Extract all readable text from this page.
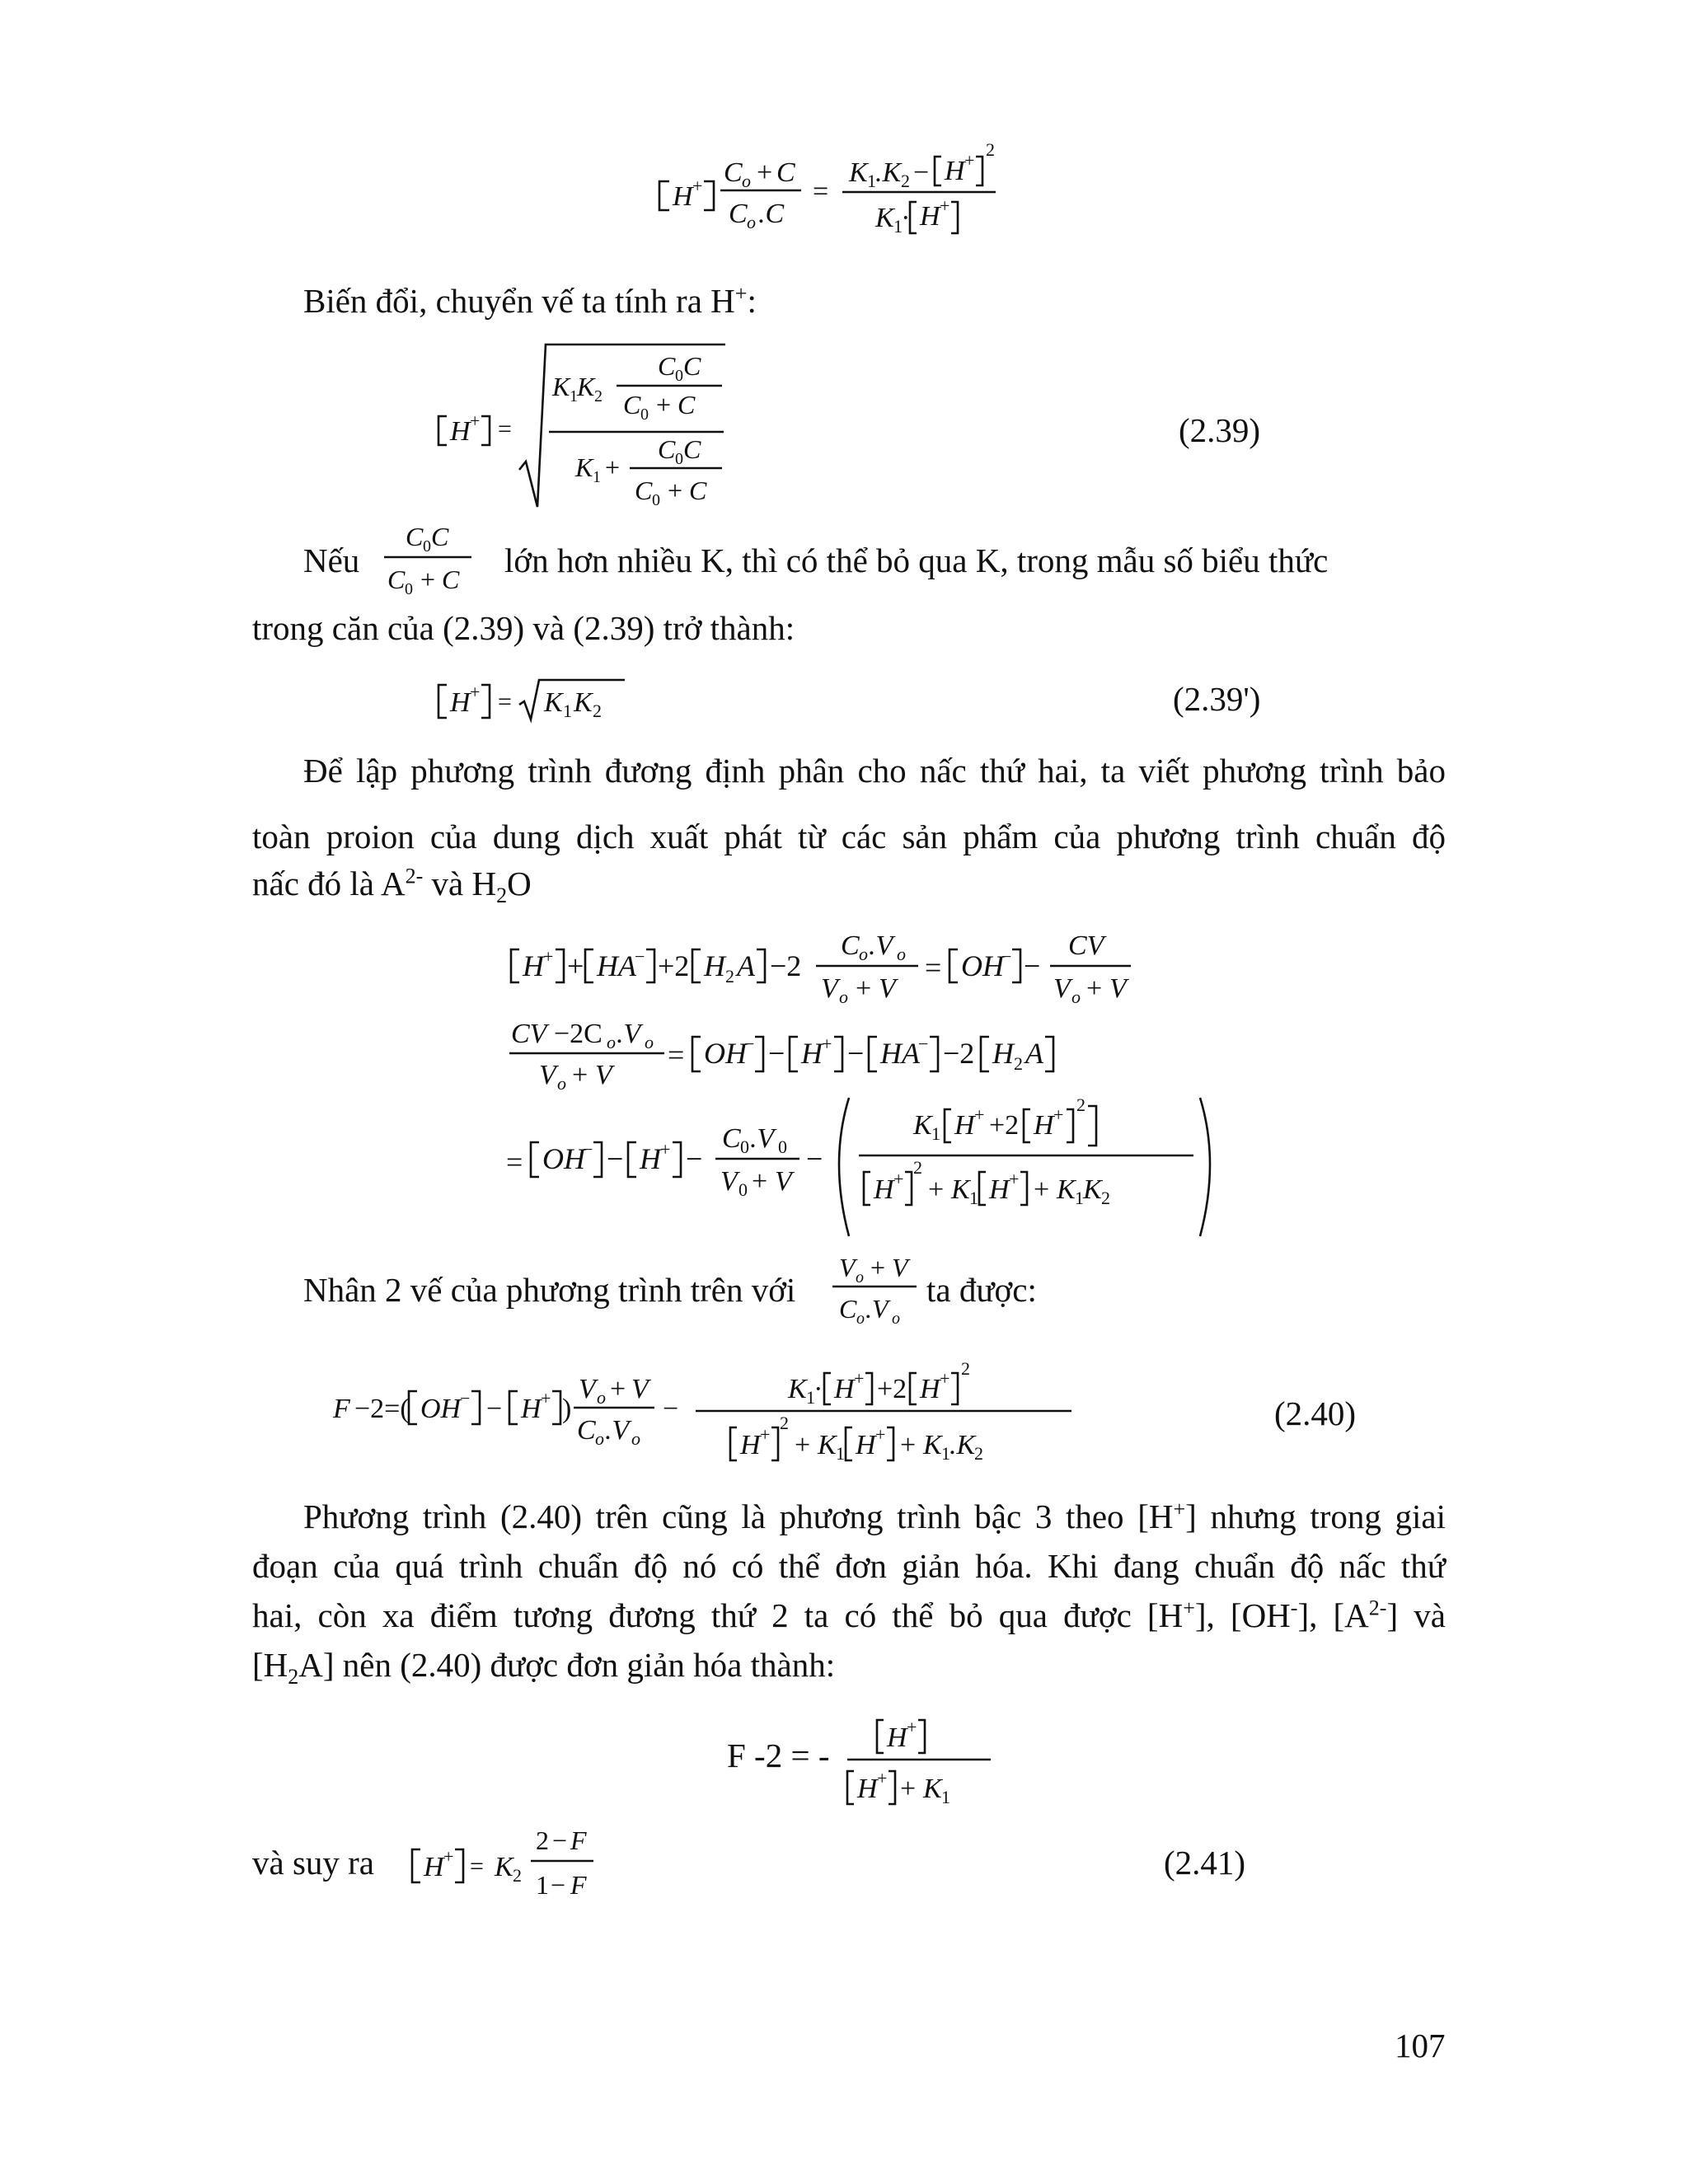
H + C o + C
C o .C
=
K 1 .K 2 − H +
2
K 1 · H +
Biến đổi, chuyển vế ta tính ra H+:
H + =
K 1 K 2
C 0 C
C 0 + C
C 0 C
K 1 +
C 0 + C
(2.39)
Nếu
C 0 C
C 0 + C lớn hơn nhiều K, thì có thể bỏ qua K, trong mẫu số biểu thức
trong căn của (2.39) và (2.39) trở thành:
H + = K 1 K 2	(2.39')
Để lập phương trình đương định phân cho nấc thứ hai, ta viết phương trình bảo
toàn proion của dung dịch xuất phát từ các sản phẩm của phương trình chuẩn độ
nấc đó là $A^{2-}$ và $H_2O$
H + + HA
− +2 H 2 A −2
C o .V o
V o + V
= OH
− −
CV
V o + V
CV −2C o .V o
V o + V
= OH
− − H + − HA
− −2 H 2 A
= OH
− − H + −
C 0 .V 0
V 0 + V
−
K 1 H + +2 H + 2
H +
2
+ K 1 H + + K 1 K 2
Nhân 2 vế của phương trình trên với
V o + V
C o .V o
ta được:
F −2=( OH
− − H + )
V o + V
C o .V o
−
K 1 · H + +2 H + 2
H +
2
+ K 1 H + + K 1 .K
2
(2.40)
Phương trình (2.40) trên cũng là phương trình bậc 3 theo [H+] nhưng trong giai
đoạn của quá trình chuẩn độ nó có thể đơn giản hóa. Khi đang chuẩn độ nấc thứ
hai, còn xa điểm tương đương thứ 2 ta có thể bỏ qua được [H+], [OH-], $[A^{2-}]$ và
$[H_2A]$ nên (2.40) được đơn giản hóa thành:
F -2 = - H +
H + + K 1
và suy ra H + = K 2
2 − F
1 − F
(2.41)
107
